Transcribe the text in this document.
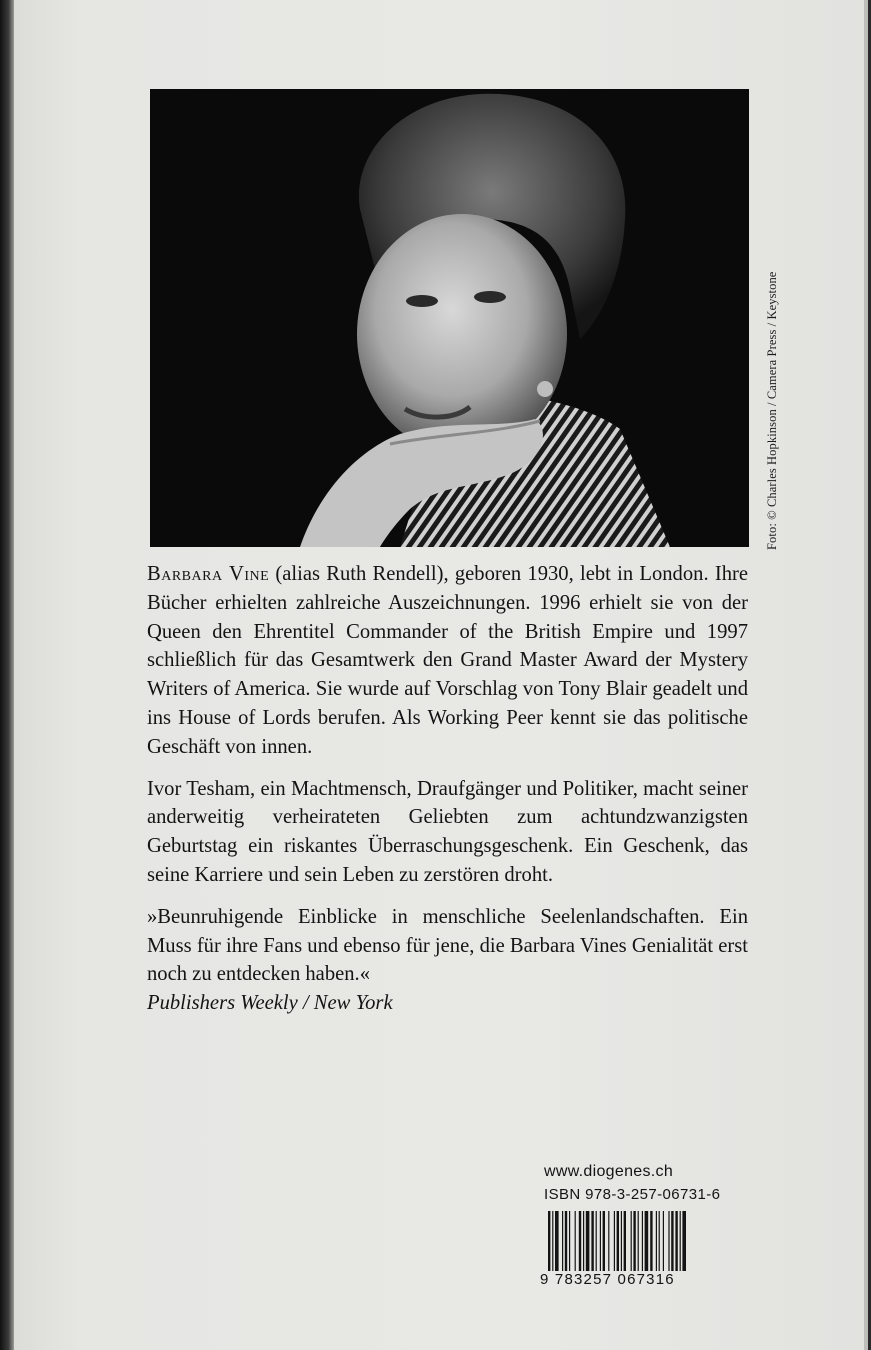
Foto: © Charles Hopkinson / Camera Press / Keystone

Barbara Vine (alias Ruth Rendell), geboren 1930, lebt in London. Ihre Bücher erhielten zahlreiche Auszeichnungen. 1996 erhielt sie von der Queen den Ehrentitel Commander of the British Empire und 1997 schließlich für das Gesamtwerk den Grand Master Award der Mystery Writers of America. Sie wurde auf Vorschlag von Tony Blair geadelt und ins House of Lords berufen. Als Working Peer kennt sie das politische Geschäft von innen.

Ivor Tesham, ein Machtmensch, Draufgänger und Politiker, macht seiner anderweitig verheirateten Geliebten zum achtundzwanzigsten Geburtstag ein riskantes Überraschungsgeschenk. Ein Geschenk, das seine Karriere und sein Leben zu zerstören droht.

»Beunruhigende Einblicke in menschliche Seelenlandschaften. Ein Muss für ihre Fans und ebenso für jene, die Barbara Vines Genialität erst noch zu entdecken haben.«
Publishers Weekly / New York

www.diogenes.ch
ISBN 978-3-257-06731-6
9 783257 067316
